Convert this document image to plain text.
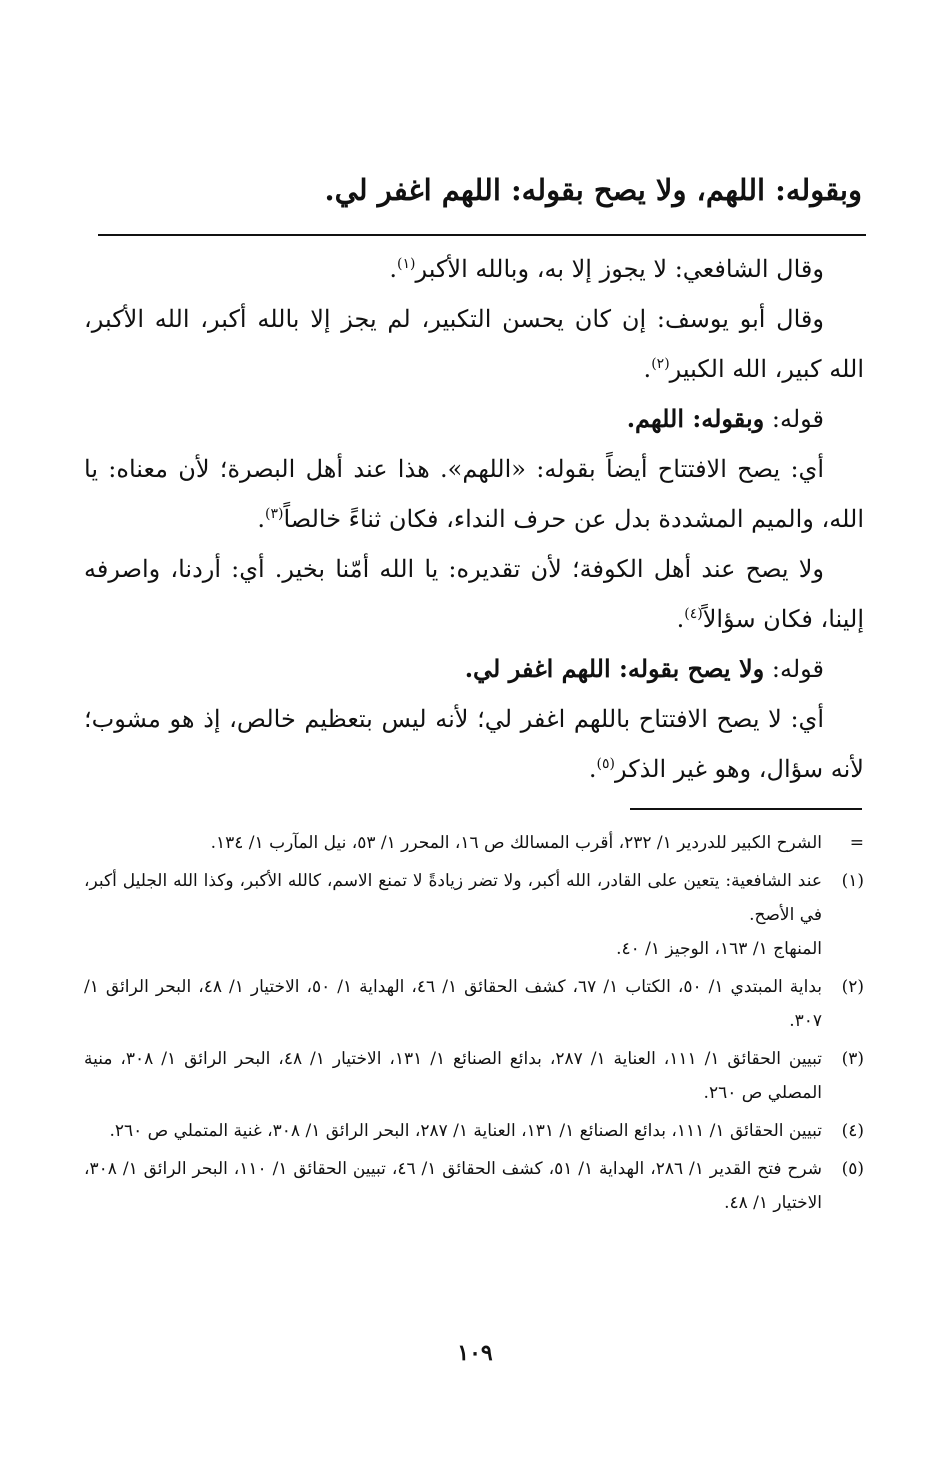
وبقوله: اللهم، ولا يصح بقوله: اللهم اغفر لي.
وقال الشافعي: لا يجوز إلا به، وبالله الأكبر$^{(١)}$.
وقال أبو يوسف: إن كان يحسن التكبير، لم يجز إلا بالله أكبر، الله الأكبر، الله كبير، الله الكبير$^{(٢)}$.
قوله: وبقوله: اللهم.
أي: يصح الافتتاح أيضاً بقوله: «اللهم». هذا عند أهل البصرة؛ لأن معناه: يا الله، والميم المشددة بدل عن حرف النداء، فكان ثناءً خالصاً$^{(٣)}$.
ولا يصح عند أهل الكوفة؛ لأن تقديره: يا الله أمّنا بخير. أي: أردنا، واصرفه إلينا، فكان سؤالاً$^{(٤)}$.
قوله: ولا يصح بقوله: اللهم اغفر لي.
أي: لا يصح الافتتاح باللهم اغفر لي؛ لأنه ليس بتعظيم خالص، إذ هو مشوب؛ لأنه سؤال، وهو غير الذكر$^{(٥)}$.
=
الشرح الكبير للدردير ١/ ٢٣٢، أقرب المسالك ص ١٦، المحرر ١/ ٥٣، نيل المآرب ١/ ١٣٤.
(١)
عند الشافعية: يتعين على القادر، الله أكبر، ولا تضر زيادةً لا تمنع الاسم، كالله الأكبر، وكذا الله الجليل أكبر، في الأصح.
المنهاج ١/ ١٦٣، الوجيز ١/ ٤٠.
(٢)
بداية المبتدي ١/ ٥٠، الكتاب ١/ ٦٧، كشف الحقائق ١/ ٤٦، الهداية ١/ ٥٠، الاختيار ١/ ٤٨، البحر الرائق ١/ ٣٠٧.
(٣)
تبيين الحقائق ١/ ١١١، العناية ١/ ٢٨٧، بدائع الصنائع ١/ ١٣١، الاختيار ١/ ٤٨، البحر الرائق ١/ ٣٠٨، منية المصلي ص ٢٦٠.
(٤)
تبيين الحقائق ١/ ١١١، بدائع الصنائع ١/ ١٣١، العناية ١/ ٢٨٧، البحر الرائق ١/ ٣٠٨، غنية المتملي ص ٢٦٠.
(٥)
شرح فتح القدير ١/ ٢٨٦، الهداية ١/ ٥١، كشف الحقائق ١/ ٤٦، تبيين الحقائق ١/ ١١٠، البحر الرائق ١/ ٣٠٨، الاختيار ١/ ٤٨.
١٠٩
